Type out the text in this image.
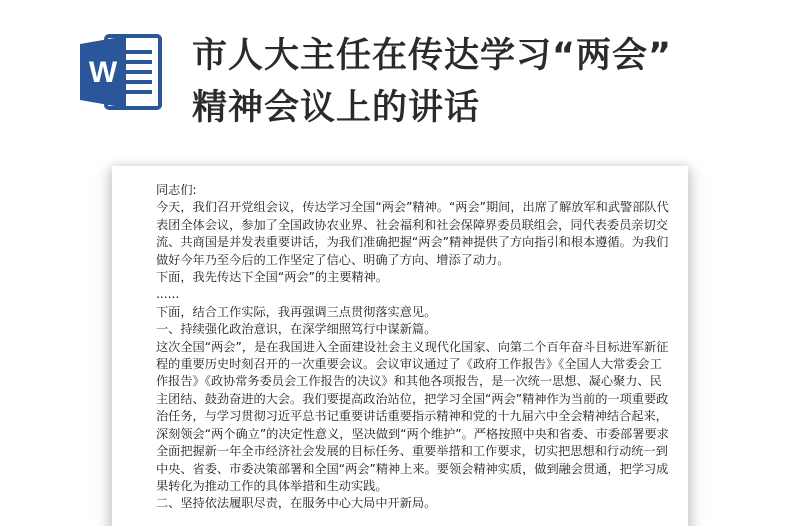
W 市人大主任在传达学习“两会”
精神会议上的讲话

同志们:

今天，我们召开党组会议，传达学习全国“两会”精神。“两会”期间，出席了解放军和武警部队代

表团全体会议，参加了全国政协农业界、社会福利和社会保障界委员联组会，同代表委员亲切交

流、共商国是并发表重要讲话，为我们准确把握“两会”精神提供了方向指引和根本遵循。为我们

做好今年乃至今后的工作坚定了信心、明确了方向、增添了动力。

下面，我先传达下全国“两会”的主要精神。

......

下面，结合工作实际，我再强调三点贯彻落实意见。

一、持续强化政治意识，在深学细照笃行中谋新篇。

这次全国“两会”，是在我国进入全面建设社会主义现代化国家、向第二个百年奋斗目标进军新征

程的重要历史时刻召开的一次重要会议。会议审议通过了《政府工作报告》《全国人大常委会工

作报告》《政协常务委员会工作报告的决议》和其他各项报告，是一次统一思想、凝心聚力、民

主团结、鼓劲奋进的大会。我们要提高政治站位，把学习全国“两会”精神作为当前的一项重要政

治任务，与学习贯彻习近平总书记重要讲话重要指示精神和党的十九届六中全会精神结合起来，

深刻领会“两个确立”的决定性意义，坚决做到“两个维护”。严格按照中央和省委、市委部署要求

全面把握新一年全市经济社会发展的目标任务、重要举措和工作要求，切实把思想和行动统一到

中央、省委、市委决策部署和全国“两会”精神上来。要领会精神实质，做到融会贯通，把学习成

果转化为推动工作的具体举措和生动实践。

二、坚持依法履职尽责，在服务中心大局中开新局。
